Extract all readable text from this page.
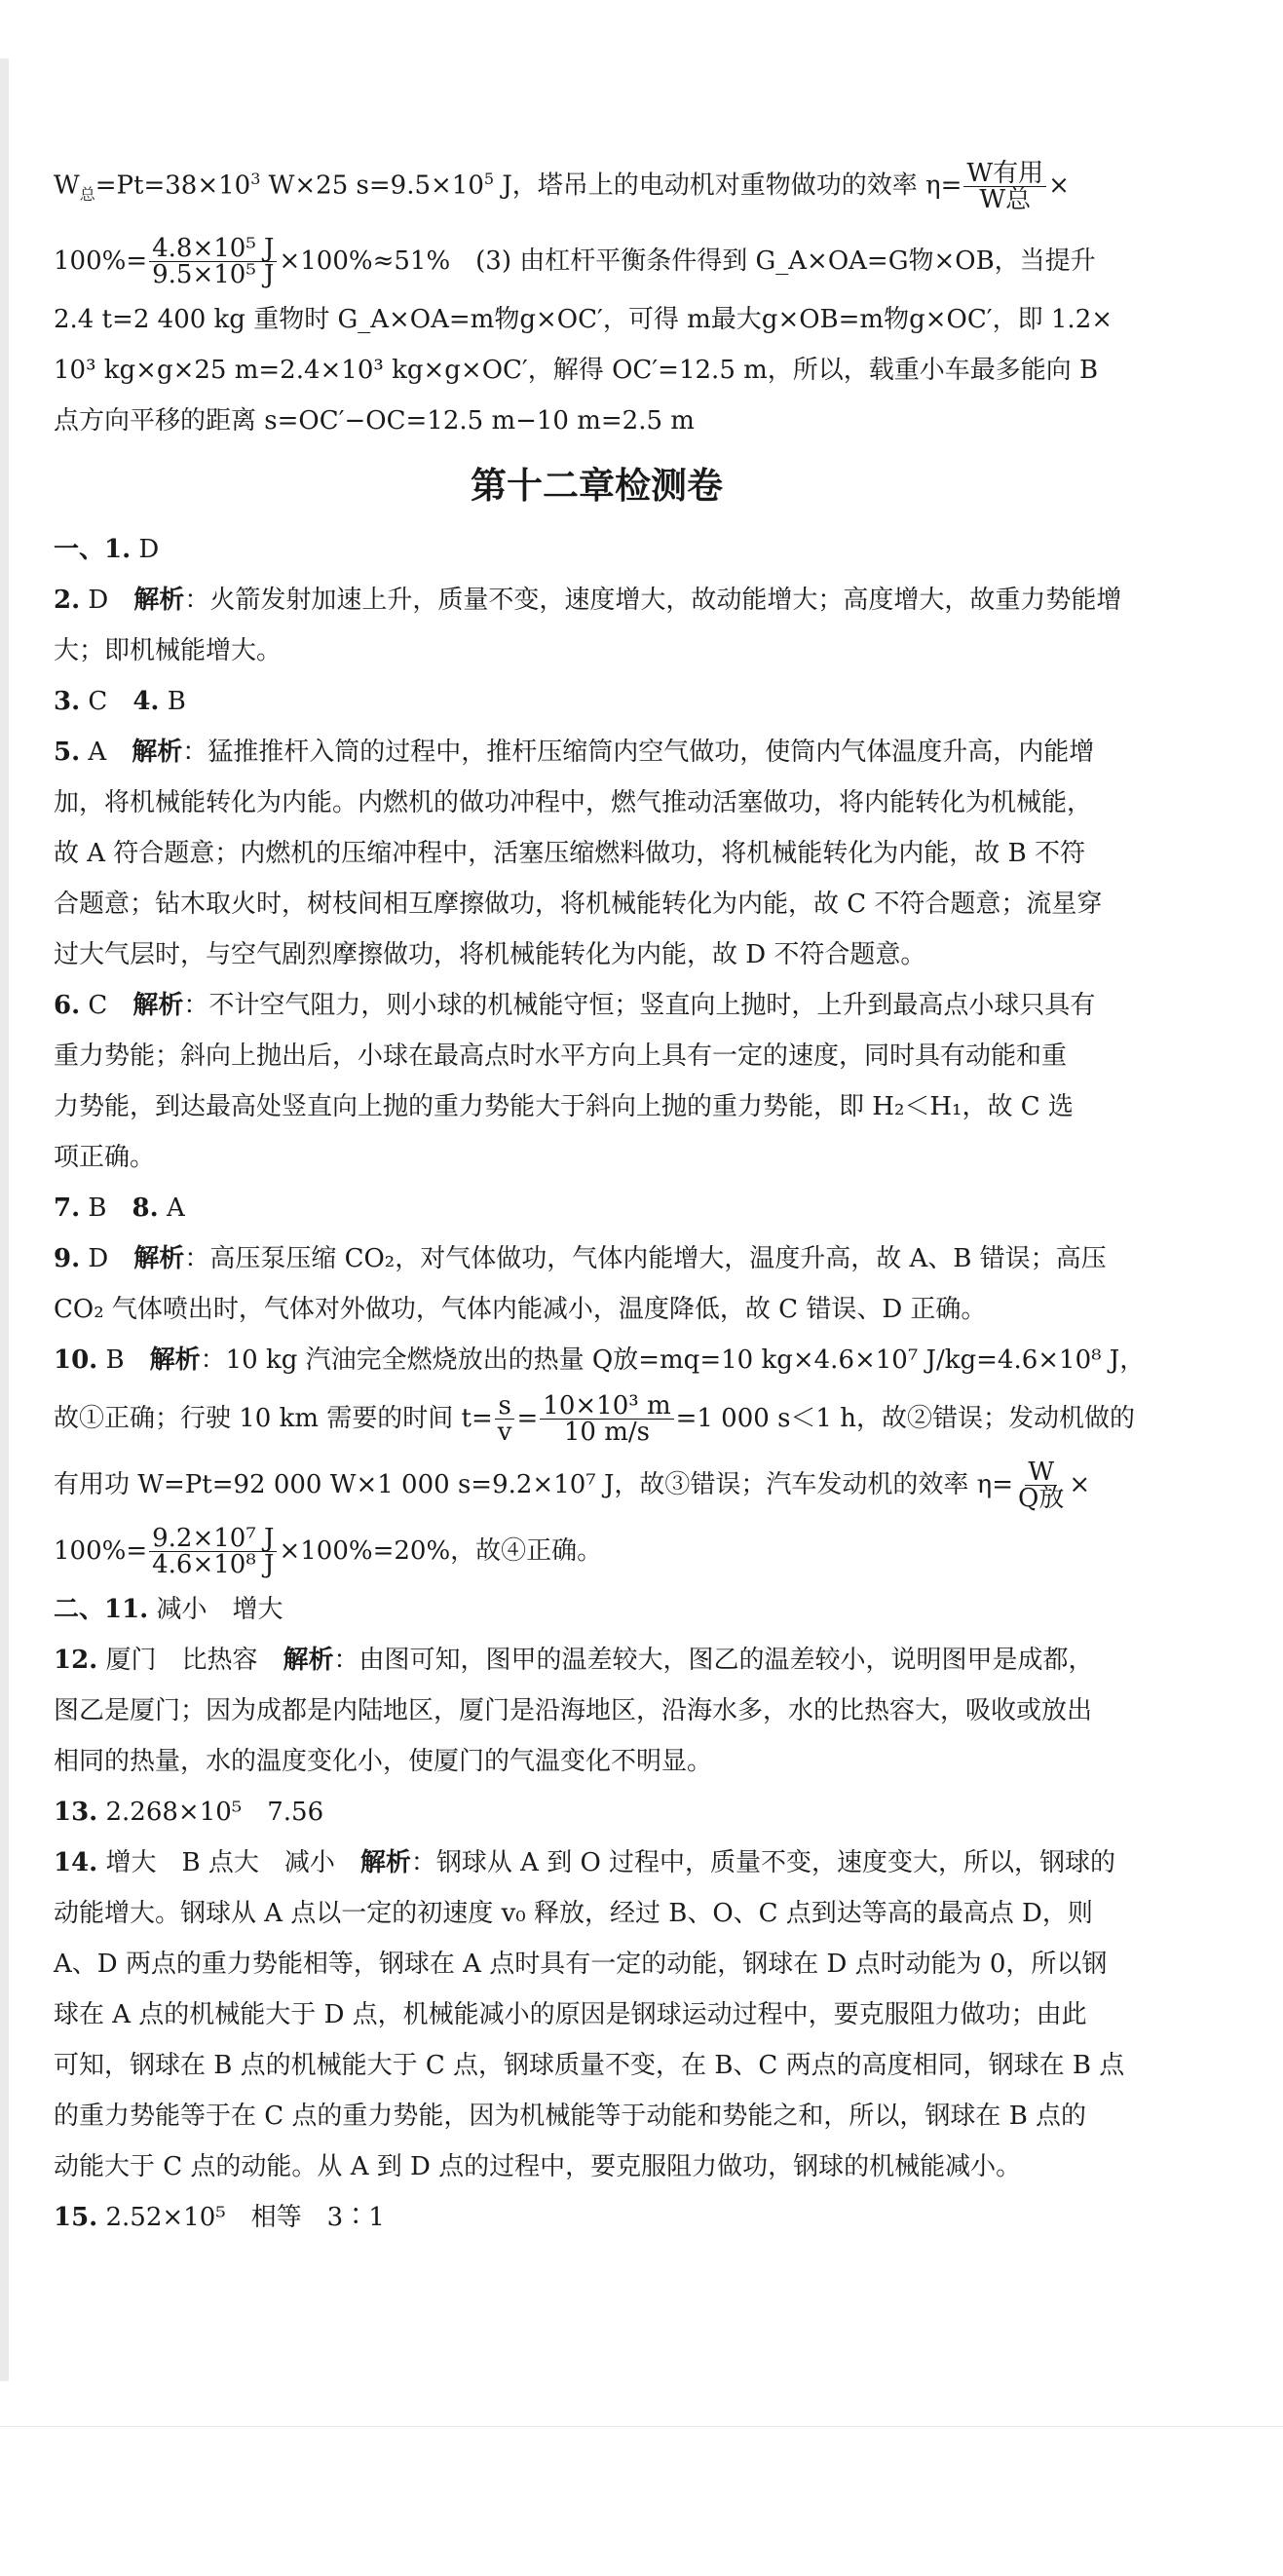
$W_总=Pt=38\times 10^3$ W×25 $s=9.5\times 10^5$ J，塔吊上的电动机对重物做功的效率 η= W有用
W总 ×
$100\%= \frac{\text{4.8×10⁵ J}}{\text{9.5×10⁵ J}} \times 100\%\approx 51\%$　(3) 由杠杆平衡条件得到 G_A×OA=G物×OB，当提升
2.4 t=2 400 kg 重物时 G_A×OA=m物g×OC′，可得 m最大g×OB=m物g×OC′，即 1.2×
10³ kg×g×25 m=2.4×10³ kg×g×OC′，解得 OC′=12.5 m，所以，载重小车最多能向 B
点方向平移的距离 s=OC′−OC=12.5 m−10 m=2.5 m
第十二章检测卷
一、1. D
2. D　 解析：火箭发射加速上升，质量不变，速度增大，故动能增大；高度增大，故重力势能增
大；即机械能增大。
3. C　4. B
5. A　 解析：猛推推杆入筒的过程中，推杆压缩筒内空气做功，使筒内气体温度升高，内能增
加，将机械能转化为内能。内燃机的做功冲程中，燃气推动活塞做功，将内能转化为机械能，
故 A 符合题意；内燃机的压缩冲程中，活塞压缩燃料做功，将机械能转化为内能，故 B 不符
合题意；钻木取火时，树枝间相互摩擦做功，将机械能转化为内能，故 C 不符合题意；流星穿
过大气层时，与空气剧烈摩擦做功，将机械能转化为内能，故 D 不符合题意。
6. C　 解析：不计空气阻力，则小球的机械能守恒；竖直向上抛时，上升到最高点小球只具有
重力势能；斜向上抛出后，小球在最高点时水平方向上具有一定的速度，同时具有动能和重
力势能，到达最高处竖直向上抛的重力势能大于斜向上抛的重力势能，即 H₂＜H₁，故 C 选
项正确。
7. B　8. A
9. D　 解析：高压泵压缩 CO₂，对气体做功，气体内能增大，温度升高，故 A、B 错误；高压
CO₂ 气体喷出时，气体对外做功，气体内能减小，温度降低，故 C 错误、D 正确。
10. B　 解析：10 kg 汽油完全燃烧放出的热量 Q放=mq=10 kg×4.6×10⁷ J/kg=4.6×10⁸ J，
故①正确；行驶 10 km 需要的时间 $t= \frac{s}{v} = \frac{\text{10×10³ m}}{10 m/s} =1$ 000 s＜1 h，故②错误；发动机做的
有用功 W=Pt=92 000 W×1 000 s=9.2×10⁷ J，故③错误；汽车发动机的效率 η= W
Q放 ×
$100\%= \frac{\text{9.2×10⁷ J}}{\text{4.6×10⁸ J}} \times 100\%=20\%$，故④正确。
二、11. 减小　增大
12. 厦门　比热容　 解析：由图可知，图甲的温差较大，图乙的温差较小，说明图甲是成都，
图乙是厦门；因为成都是内陆地区，厦门是沿海地区，沿海水多，水的比热容大，吸收或放出
相同的热量，水的温度变化小，使厦门的气温变化不明显。
13. 2.268×10⁵　7.56
14. 增大　B 点大　减小　 解析：钢球从 A 到 O 过程中，质量不变，速度变大，所以，钢球的
动能增大。钢球从 A 点以一定的初速度 v₀ 释放，经过 B、O、C 点到达等高的最高点 D，则
A、D 两点的重力势能相等，钢球在 A 点时具有一定的动能，钢球在 D 点时动能为 0，所以钢
球在 A 点的机械能大于 D 点，机械能减小的原因是钢球运动过程中，要克服阻力做功；由此
可知，钢球在 B 点的机械能大于 C 点，钢球质量不变，在 B、C 两点的高度相同，钢球在 B 点
的重力势能等于在 C 点的重力势能，因为机械能等于动能和势能之和，所以，钢球在 B 点的
动能大于 C 点的动能。从 A 到 D 点的过程中，要克服阻力做功，钢球的机械能减小。
15. 2.52×10⁵　相等　3∶1
